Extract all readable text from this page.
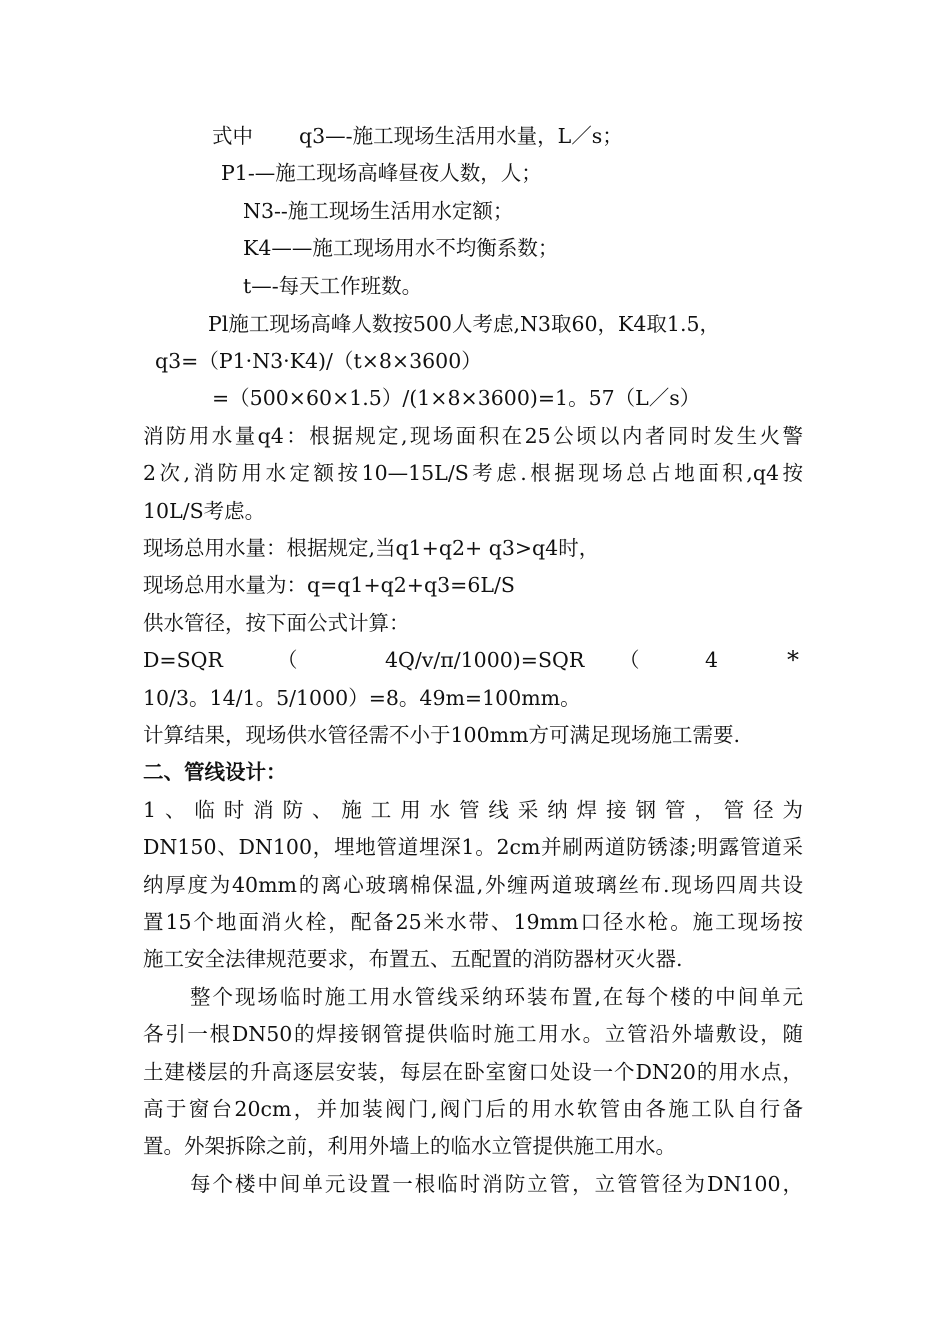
式中 q3—-施工现场生活用水量，L／s；
P1-—施工现场高峰昼夜人数，人；
N3--施工现场生活用水定额；
K4——施工现场用水不均衡系数；
t—-每天工作班数。
Pl施工现场高峰人数按500人考虑,N3取60，K4取1.5，
q3=（P1·N3·K4)/（t×8×3600）
=（500×60×1.5）/(1×8×3600)=1。57（L／s）
消防用水量q4：根据规定,现场面积在25公顷以内者同时发生火警
2次,消防用水定额按10—15L/S考虑.根据现场总占地面积,q4按
10L/S考虑。
现场总用水量：根据规定,当q1+q2+ q3>q4时，
现场总用水量为：q=q1+q2+q3=6L/S
供水管径，按下面公式计算：
D=SQR	（	4Q/v/π/1000)=SQR （	4	*
10/3。14/1。5/1000）=8。49m=100mm。
计算结果，现场供水管径需不小于100mm方可满足现场施工需要.
二、管线设计：
1、临时消防、施工用水管线采纳焊接钢管，管径为
DN150、DN100，埋地管道埋深1。2cm并刷两道防锈漆;明露管道采
纳厚度为40mm的离心玻璃棉保温,外缠两道玻璃丝布.现场四周共设
置15个地面消火栓，配备25米水带、19mm口径水枪。施工现场按
施工安全法律规范要求，布置五、五配置的消防器材灭火器.
整个现场临时施工用水管线采纳环装布置,在每个楼的中间单元
各引一根DN50的焊接钢管提供临时施工用水。立管沿外墙敷设，随
土建楼层的升高逐层安装，每层在卧室窗口处设一个DN20的用水点，
高于窗台20cm，并加装阀门,阀门后的用水软管由各施工队自行备
置。外架拆除之前，利用外墙上的临水立管提供施工用水。
每个楼中间单元设置一根临时消防立管，立管管径为DN100，
